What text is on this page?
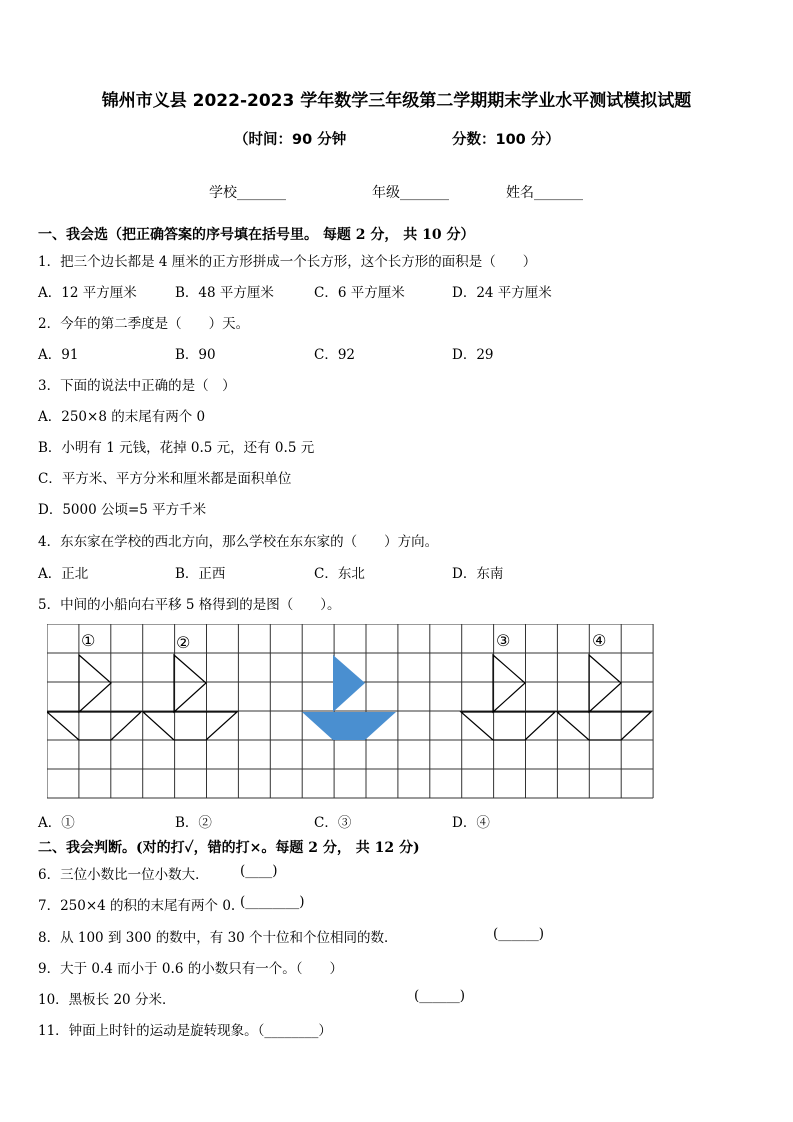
锦州市义县 2022-2023 学年数学三年级第二学期期末学业水平测试模拟试题
（时间：90 分钟	分数：100 分）
学校_______	年级_______	姓名_______
一、我会选（把正确答案的序号填在括号里。 每题 2 分， 共 10 分）
1．把三个边长都是 4 厘米的正方形拼成一个长方形，这个长方形的面积是（　　）
A．12 平方厘米	B．48 平方厘米	C．6 平方厘米	D．24 平方厘米
2．今年的第二季度是（　　）天。
A．91	B．90	C．92	D．29
3．下面的说法中正确的是（　）
A．250×8 的末尾有两个 0
B．小明有 1 元钱，花掉 0.5 元，还有 0.5 元
C．平方米、平方分米和厘米都是面积单位
D．5000 公顷=5 平方千米
4．东东家在学校的西北方向，那么学校在东东家的（　　）方向。
A．正北	B．正西	C．东北	D．东南
5．中间的小船向右平移 5 格得到的是图（　　）。
①	②	③	④
A．①	B．②	C．③	D．④
二、我会判断。(对的打✓，错的打×。每题 2 分， 共 12 分)
6．三位小数比一位小数大． (____)
7．250×4 的积的末尾有两个 0. (________)
8．从 100 到 300 的数中，有 30 个十位和个位相同的数．	(______)
9．大于 0.4 而小于 0.6 的小数只有一个。（　　）
10．黑板长 20 分米．	(______)
11．钟面上时针的运动是旋转现象。（________）
